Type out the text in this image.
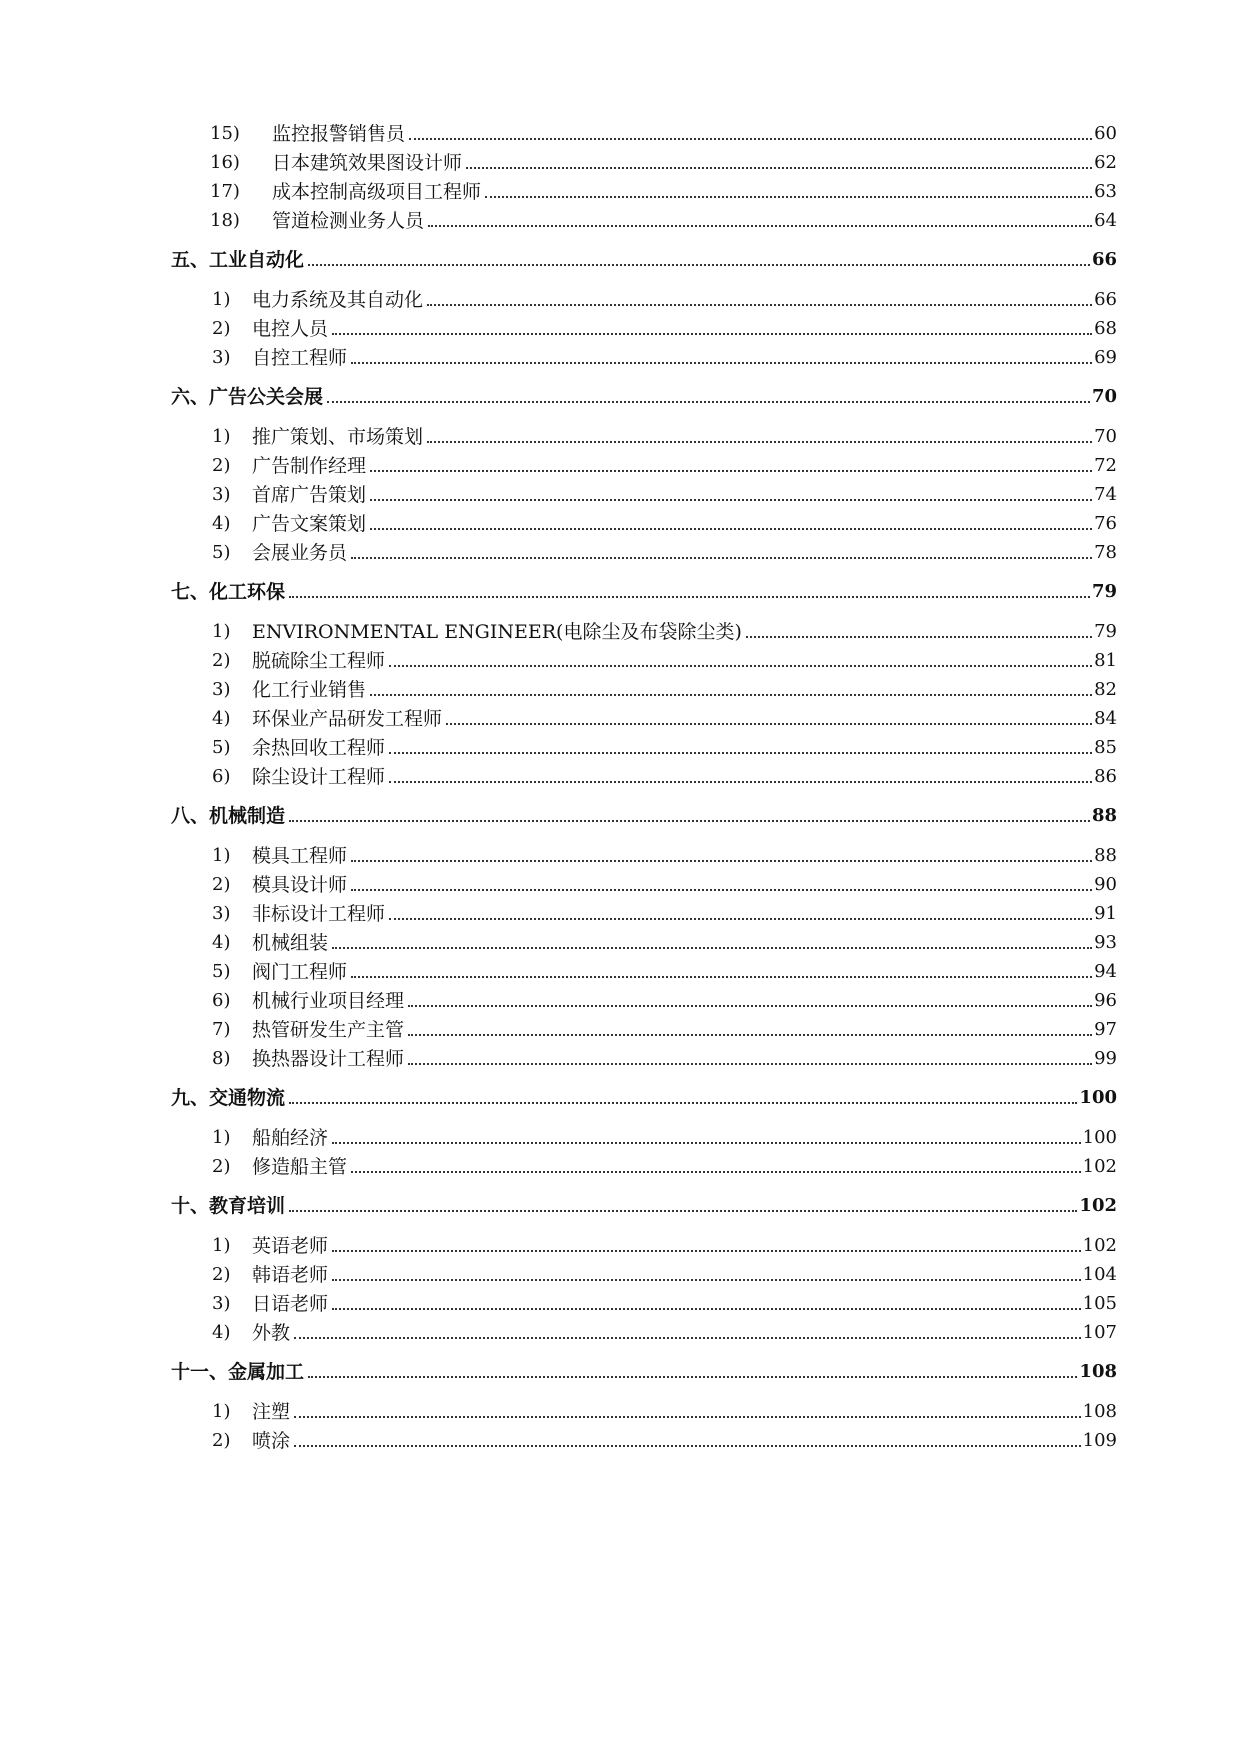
15)	监控报警销售员	60
16)	日本建筑效果图设计师	62
17)	成本控制高级项目工程师	63
18)	管道检测业务人员	64
五、工业自动化	66
1)	电力系统及其自动化	66
2)	电控人员	68
3)	自控工程师	69
六、广告公关会展	70
1)	推广策划、市场策划	70
2)	广告制作经理	72
3)	首席广告策划	74
4)	广告文案策划	76
5)	会展业务员	78
七、化工环保	79
1)	ENVIRONMENTAL ENGINEER(电除尘及布袋除尘类)	79
2)	脱硫除尘工程师	81
3)	化工行业销售	82
4)	环保业产品研发工程师	84
5)	余热回收工程师	85
6)	除尘设计工程师	86
八、机械制造	88
1)	模具工程师	88
2)	模具设计师	90
3)	非标设计工程师	91
4)	机械组装	93
5)	阀门工程师	94
6)	机械行业项目经理	96
7)	热管研发生产主管	97
8)	换热器设计工程师	99
九、交通物流	100
1)	船舶经济	100
2)	修造船主管	102
十、教育培训	102
1)	英语老师	102
2)	韩语老师	104
3)	日语老师	105
4)	外教	107
十一、金属加工	108
1)	注塑	108
2)	喷涂	109
